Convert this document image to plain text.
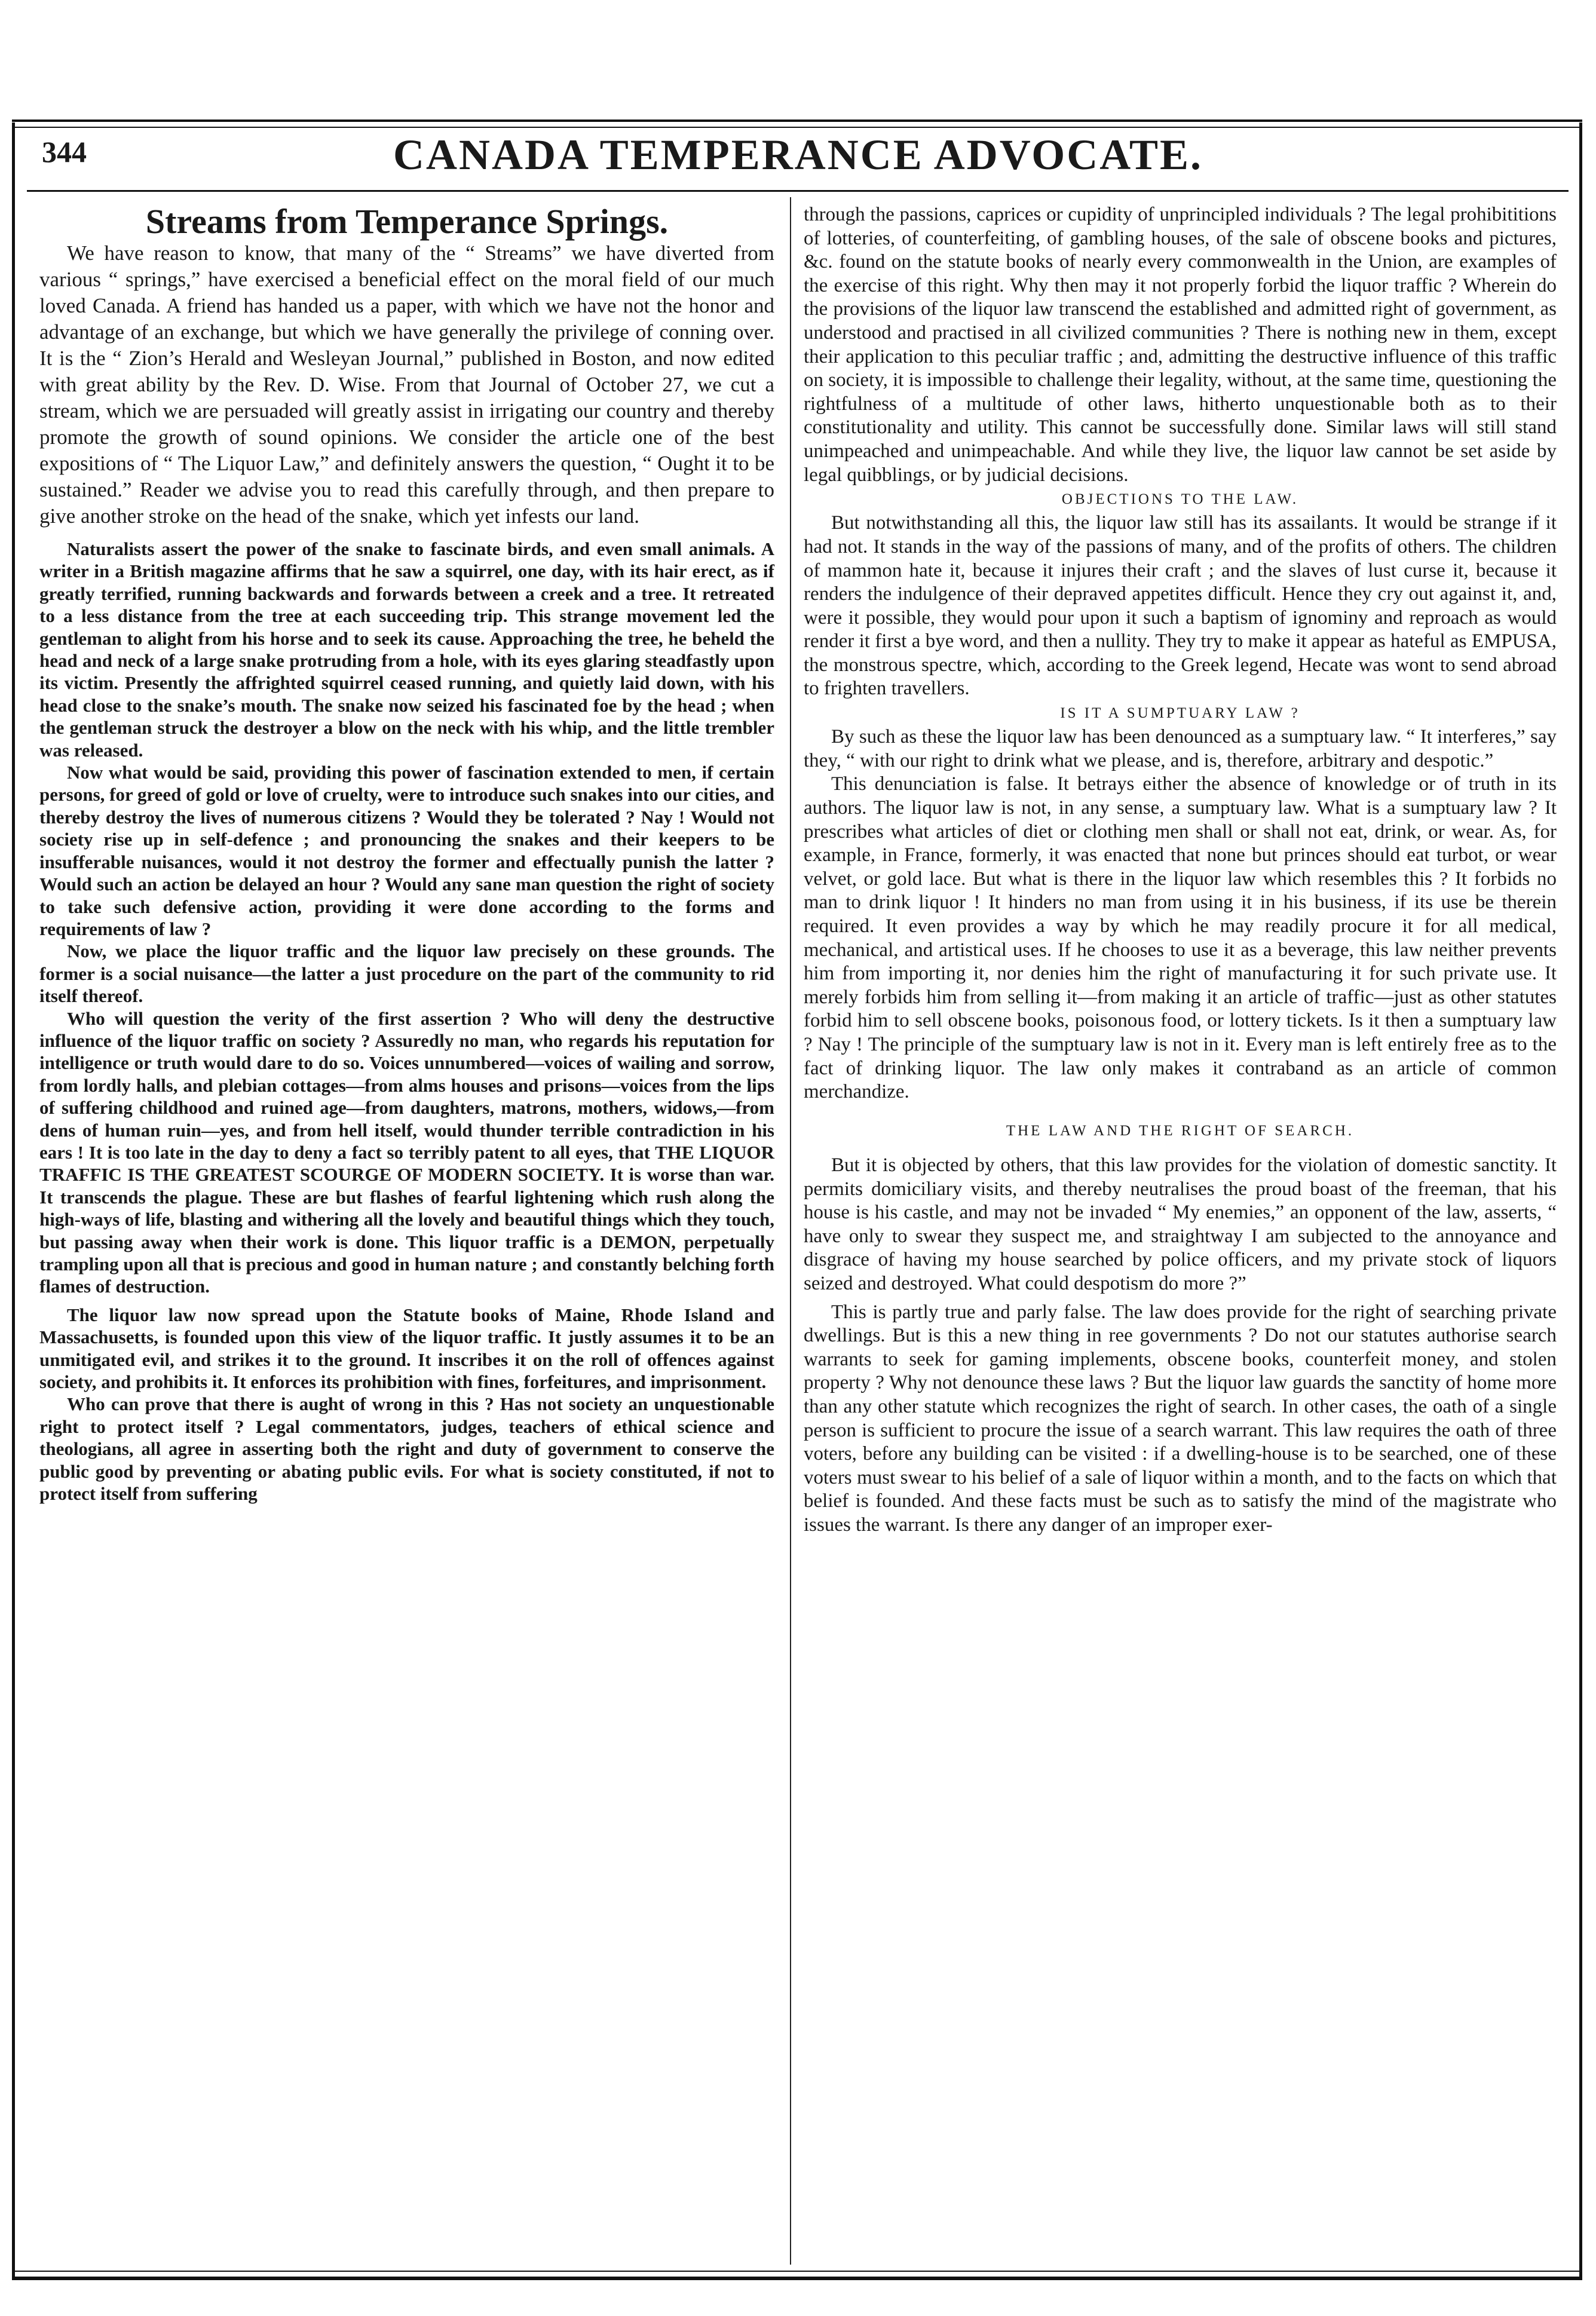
344	CANADA TEMPERANCE ADVOCATE.

Streams from Temperance Springs.

We have reason to know, that many of the “ Streams” we have diverted from various “ springs,” have exercised a beneficial effect on the moral field of our much loved Canada. A friend has handed us a paper, with which we have not the honor and advantage of an exchange, but which we have generally the privilege of conning over. It is the “ Zion’s Herald and Wesleyan Journal,” published in Boston, and now edited with great ability by the Rev. D. Wise. From that Journal of October 27, we cut a stream, which we are persuaded will greatly assist in irrigating our country and thereby promote the growth of sound opinions. We consider the article one of the best expositions of “ The Liquor Law,” and definitely answers the question, “ Ought it to be sustained.” Reader we advise you to read this carefully through, and then prepare to give another stroke on the head of the snake, which yet infests our land.

Naturalists assert the power of the snake to fascinate birds, and even small animals. A writer in a British magazine affirms that he saw a squirrel, one day, with its hair erect, as if greatly terrified, running backwards and forwards between a creek and a tree. It retreated to a less distance from the tree at each succeeding trip. This strange movement led the gentleman to alight from his horse and to seek its cause. Approaching the tree, he beheld the head and neck of a large snake protruding from a hole, with its eyes glaring steadfastly upon its victim. Presently the affrighted squirrel ceased running, and quietly laid down, with his head close to the snake’s mouth. The snake now seized his fascinated foe by the head ; when the gentleman struck the destroyer a blow on the neck with his whip, and the little trembler was released.

Now what would be said, providing this power of fascination extended to men, if certain persons, for greed of gold or love of cruelty, were to introduce such snakes into our cities, and thereby destroy the lives of numerous citizens ? Would they be tolerated ? Nay ! Would not society rise up in self-defence ; and pronouncing the snakes and their keepers to be insufferable nuisances, would it not destroy the former and effectually punish the latter ? Would such an action be delayed an hour ? Would any sane man question the right of society to take such defensive action, providing it were done according to the forms and requirements of law ?

Now, we place the liquor traffic and the liquor law precisely on these grounds. The former is a social nuisance—the latter a just procedure on the part of the community to rid itself thereof.

Who will question the verity of the first assertion ? Who will deny the destructive influence of the liquor traffic on society ? Assuredly no man, who regards his reputation for intelligence or truth would dare to do so. Voices unnumbered—voices of wailing and sorrow, from lordly halls, and plebian cottages—from alms houses and prisons—voices from the lips of suffering childhood and ruined age—from daughters, matrons, mothers, widows,—from dens of human ruin—yes, and from hell itself, would thunder terrible contradiction in his ears ! It is too late in the day to deny a fact so terribly patent to all eyes, that THE LIQUOR TRAFFIC IS THE GREATEST SCOURGE OF MODERN SOCIETY. It is worse than war. It transcends the plague. These are but flashes of fearful lightening which rush along the high-ways of life, blasting and withering all the lovely and beautiful things which they touch, but passing away when their work is done. This liquor traffic is a DEMON, perpetually trampling upon all that is precious and good in human nature ; and constantly belching forth flames of destruction.

The liquor law now spread upon the Statute books of Maine, Rhode Island and Massachusetts, is founded upon this view of the liquor traffic. It justly assumes it to be an unmitigated evil, and strikes it to the ground. It inscribes it on the roll of offences against society, and prohibits it. It enforces its prohibition with fines, forfeitures, and imprisonment.

Who can prove that there is aught of wrong in this ? Has not society an unquestionable right to protect itself ? Legal commentators, judges, teachers of ethical science and theologians, all agree in asserting both the right and duty of government to conserve the public good by preventing or abating public evils. For what is society constituted, if not to protect itself from suffering

through the passions, caprices or cupidity of unprincipled individuals ? The legal prohibititions of lotteries, of counterfeiting, of gambling houses, of the sale of obscene books and pictures, &c. found on the statute books of nearly every commonwealth in the Union, are examples of the exercise of this right. Why then may it not properly forbid the liquor traffic ? Wherein do the provisions of the liquor law transcend the established and admitted right of government, as understood and practised in all civilized communities ? There is nothing new in them, except their application to this peculiar traffic ; and, admitting the destructive influence of this traffic on society, it is impossible to challenge their legality, without, at the same time, questioning the rightfulness of a multitude of other laws, hitherto unquestionable both as to their constitutionality and utility. This cannot be successfully done. Similar laws will still stand unimpeached and unimpeachable. And while they live, the liquor law cannot be set aside by legal quibblings, or by judicial decisions.

OBJECTIONS TO THE LAW.

But notwithstanding all this, the liquor law still has its assailants. It would be strange if it had not. It stands in the way of the passions of many, and of the profits of others. The children of mammon hate it, because it injures their craft ; and the slaves of lust curse it, because it renders the indulgence of their depraved appetites difficult. Hence they cry out against it, and, were it possible, they would pour upon it such a baptism of ignominy and reproach as would render it first a bye word, and then a nullity. They try to make it appear as hateful as EMPUSA, the monstrous spectre, which, according to the Greek legend, Hecate was wont to send abroad to frighten travellers.

IS IT A SUMPTUARY LAW ?

By such as these the liquor law has been denounced as a sumptuary law. “ It interferes,” say they, “ with our right to drink what we please, and is, therefore, arbitrary and despotic.”

This denunciation is false. It betrays either the absence of knowledge or of truth in its authors. The liquor law is not, in any sense, a sumptuary law. What is a sumptuary law ? It prescribes what articles of diet or clothing men shall or shall not eat, drink, or wear. As, for example, in France, formerly, it was enacted that none but princes should eat turbot, or wear velvet, or gold lace. But what is there in the liquor law which resembles this ? It forbids no man to drink liquor ! It hinders no man from using it in his business, if its use be therein required. It even provides a way by which he may readily procure it for all medical, mechanical, and artistical uses. If he chooses to use it as a beverage, this law neither prevents him from importing it, nor denies him the right of manufacturing it for such private use. It merely forbids him from selling it—from making it an article of traffic—just as other statutes forbid him to sell obscene books, poisonous food, or lottery tickets. Is it then a sumptuary law ? Nay ! The principle of the sumptuary law is not in it. Every man is left entirely free as to the fact of drinking liquor. The law only makes it contraband as an article of common merchandize.

THE LAW AND THE RIGHT OF SEARCH.

But it is objected by others, that this law provides for the violation of domestic sanctity. It permits domiciliary visits, and thereby neutralises the proud boast of the freeman, that his house is his castle, and may not be invaded “ My enemies,” an opponent of the law, asserts, “ have only to swear they suspect me, and straightway I am subjected to the annoyance and disgrace of having my house searched by police officers, and my private stock of liquors seized and destroyed. What could despotism do more ?”

This is partly true and parly false. The law does provide for the right of searching private dwellings. But is this a new thing in ree governments ? Do not our statutes authorise search warrants to seek for gaming implements, obscene books, counterfeit money, and stolen property ? Why not denounce these laws ? But the liquor law guards the sanctity of home more than any other statute which recognizes the right of search. In other cases, the oath of a single person is sufficient to procure the issue of a search warrant. This law requires the oath of three voters, before any building can be visited : if a dwelling-house is to be searched, one of these voters must swear to his belief of a sale of liquor within a month, and to the facts on which that belief is founded. And these facts must be such as to satisfy the mind of the magistrate who issues the warrant. Is there any danger of an improper exer-
